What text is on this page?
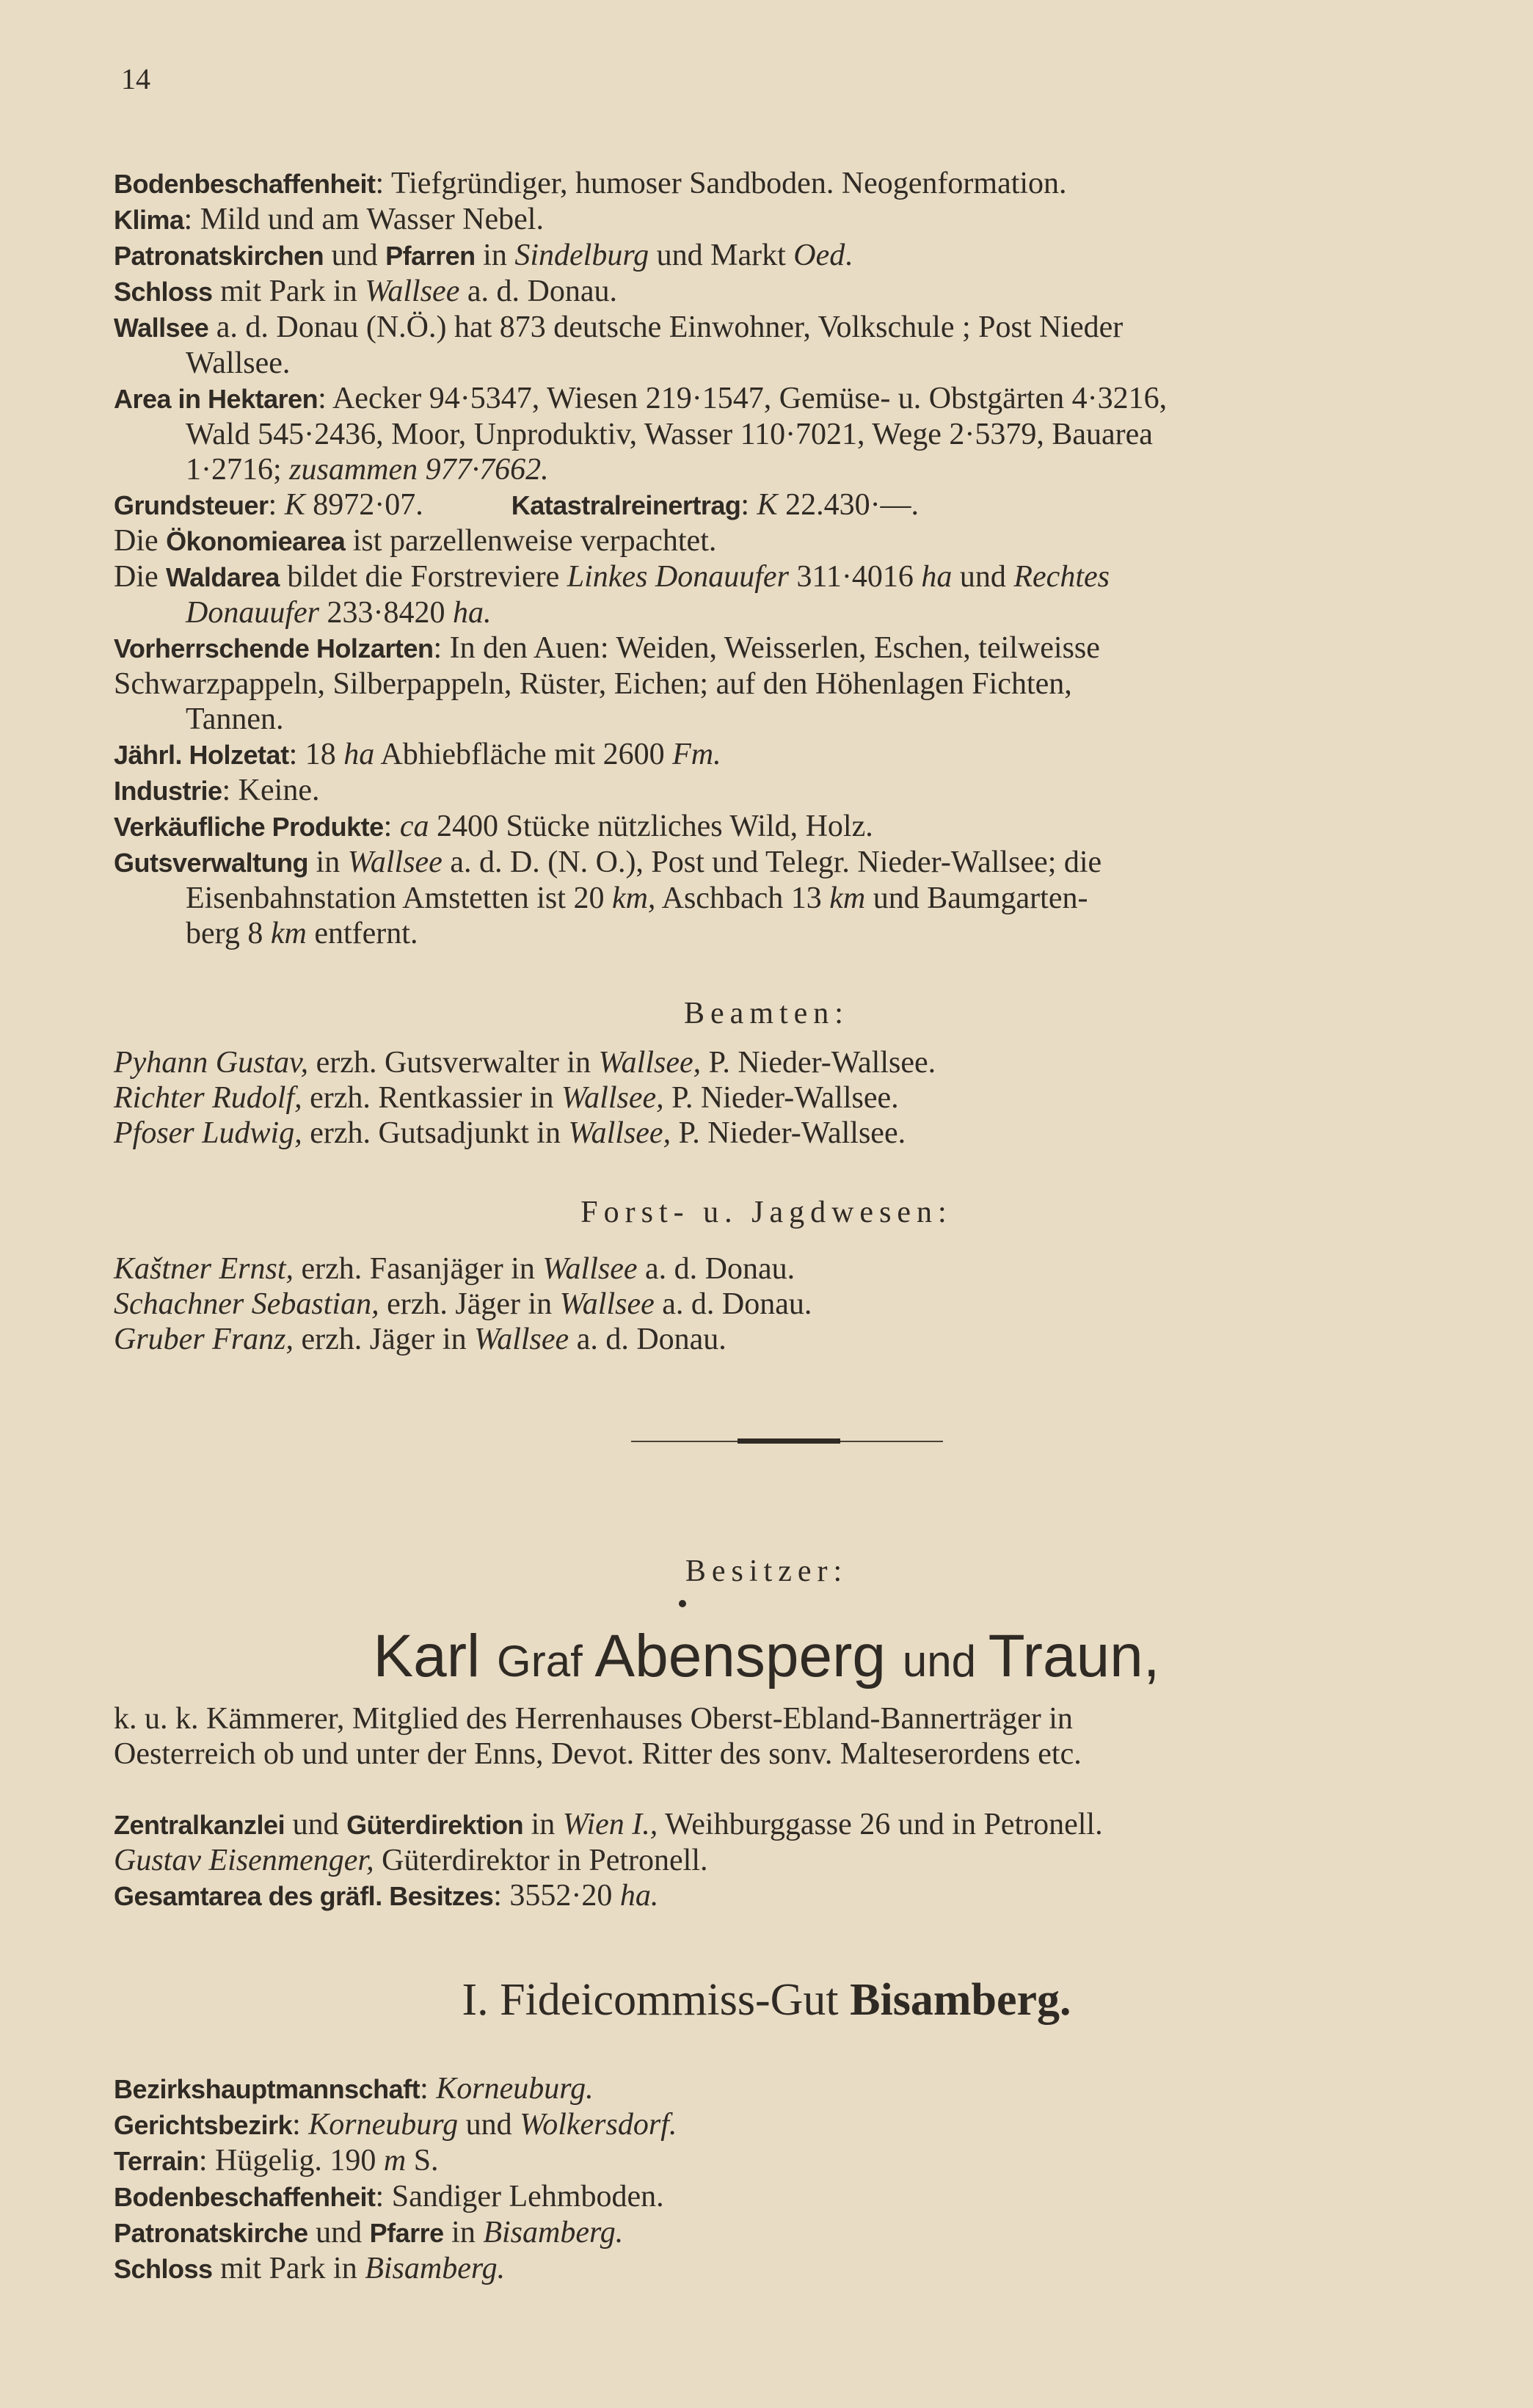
14
Bodenbeschaffenheit: Tiefgründiger, humoser Sandboden. Neogenformation.
Klima: Mild und am Wasser Nebel.
Patronatskirchen und Pfarren in Sindelburg und Markt Oed.
Schloss mit Park in Wallsee a. d. Donau.
Wallsee a. d. Donau (N.Ö.) hat 873 deutsche Einwohner, Volkschule ; Post Nieder
Wallsee.
Area in Hektaren: Aecker 94·5347, Wiesen 219·1547, Gemüse- u. Obstgärten 4·3216,
Wald 545·2436, Moor, Unproduktiv, Wasser 110·7021, Wege 2·5379, Bauarea
1·2716; zusammen 977·7662.
Grundsteuer: K 8972·07.	Katastralreinertrag: K 22.430·—.
Die Ökonomiearea ist parzellenweise verpachtet.
Die Waldarea bildet die Forstreviere Linkes Donauufer 311·4016 ha und Rechtes
Donauufer 233·8420 ha.
Vorherrschende Holzarten: In den Auen: Weiden, Weisserlen, Eschen, teilweisse
Schwarzpappeln, Silberpappeln, Rüster, Eichen; auf den Höhenlagen Fichten,
Tannen.
Jährl. Holzetat: 18 ha Abhiebfläche mit 2600 Fm.
Industrie: Keine.
Verkäufliche Produkte: ca 2400 Stücke nützliches Wild, Holz.
Gutsverwaltung in Wallsee a. d. D. (N. O.), Post und Telegr. Nieder-Wallsee; die
Eisenbahnstation Amstetten ist 20 km, Aschbach 13 km und Baumgarten-
berg 8 km entfernt.
Beamten:
Pyhann Gustav, erzh. Gutsverwalter in Wallsee, P. Nieder-Wallsee.
Richter Rudolf, erzh. Rentkassier in Wallsee, P. Nieder-Wallsee.
Pfoser Ludwig, erzh. Gutsadjunkt in Wallsee, P. Nieder-Wallsee.
Forst- u. Jagdwesen:
Kaštner Ernst, erzh. Fasanjäger in Wallsee a. d. Donau.
Schachner Sebastian, erzh. Jäger in Wallsee a. d. Donau.
Gruber Franz, erzh. Jäger in Wallsee a. d. Donau.
Besitzer:
Karl Graf Abensperg und Traun,
k. u. k. Kämmerer, Mitglied des Herrenhauses Oberst-Ebland-Bannerträger in
Oesterreich ob und unter der Enns, Devot. Ritter des sonv. Malteserordens etc.
Zentralkanzlei und Güterdirektion in Wien I., Weihburggasse 26 und in Petronell.
Gustav Eisenmenger, Güterdirektor in Petronell.
Gesamtarea des gräfl. Besitzes: 3552·20 ha.
I. Fideicommiss-Gut Bisamberg.
Bezirkshauptmannschaft: Korneuburg.
Gerichtsbezirk: Korneuburg und Wolkersdorf.
Terrain: Hügelig. 190 m S.
Bodenbeschaffenheit: Sandiger Lehmboden.
Patronatskirche und Pfarre in Bisamberg.
Schloss mit Park in Bisamberg.
